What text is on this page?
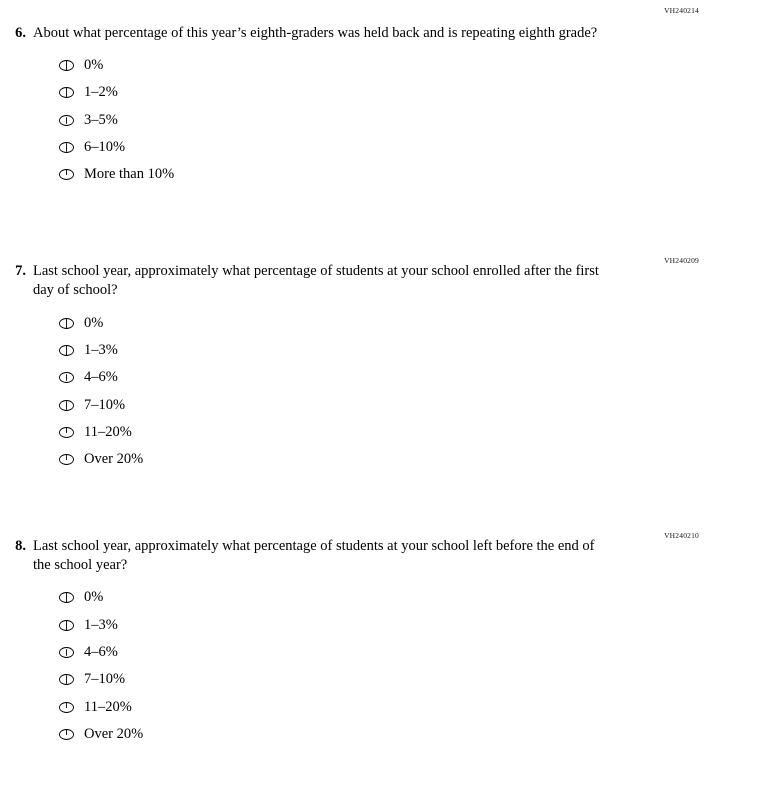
VH240214
6. About what percentage of this year’s eighth-graders was held back and is repeating eighth grade?
0%
1–2%
3–5%
6–10%
More than 10%
VH240209
7. Last school year, approximately what percentage of students at your school enrolled after the first day of school?
0%
1–3%
4–6%
7–10%
11–20%
Over 20%
VH240210
8. Last school year, approximately what percentage of students at your school left before the end of the school year?
0%
1–3%
4–6%
7–10%
11–20%
Over 20%
